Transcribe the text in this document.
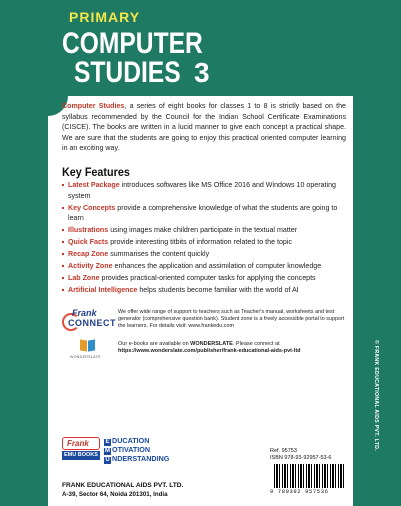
PRIMARY
COMPUTER
STUDIES 3
Computer Studies, a series of eight books for classes 1 to 8 is strictly based on the syllabus recommended by the Council for the Indian School Certificate Examinations (CISCE). The books are written in a lucid manner to give each concept a practical shape. We are sure that the students are going to enjoy this practical oriented computer learning in an exciting way.
Key Features
Latest Package introduces softwares like MS Office 2016 and Windows 10 operating system
Key Concepts provide a comprehensive knowledge of what the students are going to learn
Illustrations using images make children participate in the textual matter
Quick Facts provide interesting titbits of information related to the topic
Recap Zone summarises the content quickly
Activity Zone enhances the application and assimilation of computer knowledge
Lab Zone provides practical-oriented computer tasks for applying the concepts
Artificial Intelligence helps students become familiar with the world of AI
Frank
CONNECT
We offer wide range of support to teachers such as Teacher's manual, worksheets and test generator (comprehensive question bank). Student zone is a freely accessible portal to support the learners. For details visit: www.frankedu.com
WONDERSLATE
Our e-books are available on WONDERSLATE. Please connect at https://www.wonderslate.com/publisher/frank-educational-aids-pvt-ltd
Frank
EMU BOOKS
E DUCATION
M OTIVATION
U NDERSTANDING
FRANK EDUCATIONAL AIDS PVT. LTD.
A-39, Sector 64, Noida 201301, India
Ref. 95753
ISBN 978-93-92957-53-6
9 789392 957536
© FRANK EDUCATIONAL AIDS PVT. LTD.
